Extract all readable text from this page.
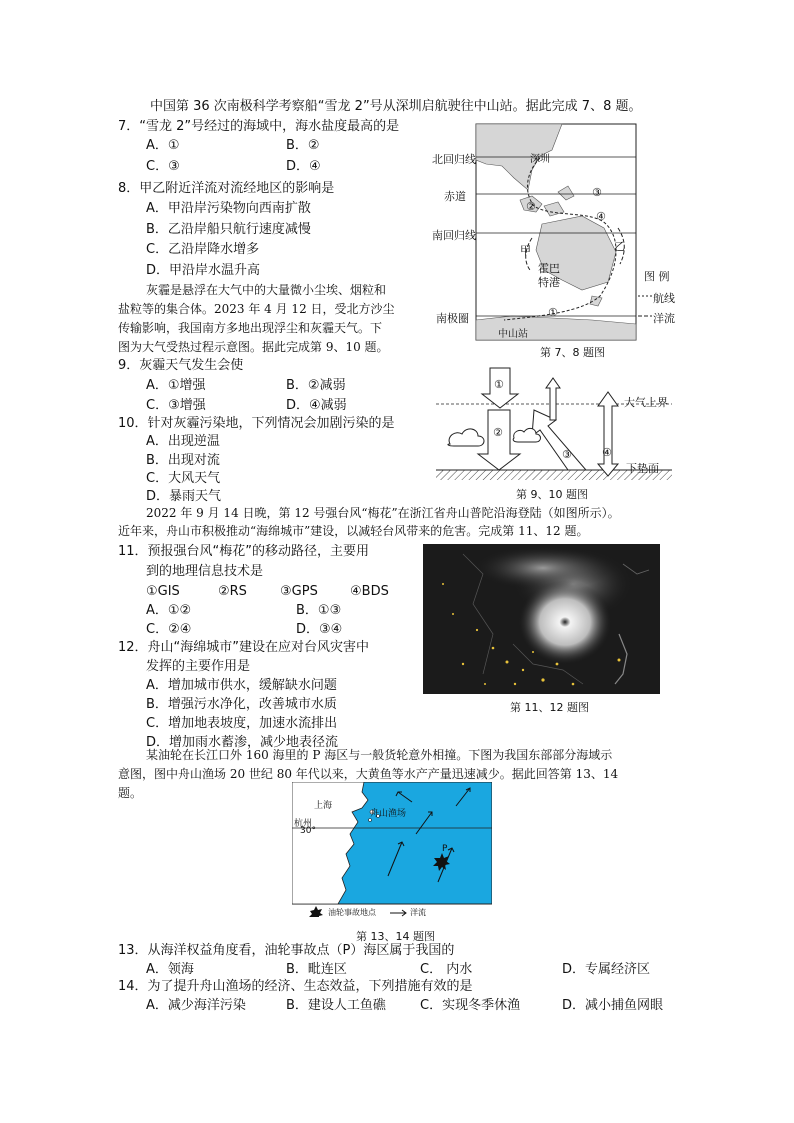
中国第 36 次南极科学考察船“雪龙 2”号从深圳启航驶往中山站。据此完成 7、8 题。
7．“雪龙 2”号经过的海域中，海水盐度最高的是
A．①	B．②
C．③	D．④
8．甲乙附近洋流对流经地区的影响是
A．甲沿岸污染物向西南扩散
B．乙沿岸船只航行速度减慢
C．乙沿岸降水增多
D．甲沿岸水温升高
北回归线
赤道
南回归线
南极圈
深圳
中山站
霍巴
特港
甲	乙
①
②
③
④
图 例
航线
洋流
第 7、8 题图
灰霾是悬浮在大气中的大量微小尘埃、烟粒和
盐粒等的集合体。2023 年 4 月 12 日，受北方沙尘
传输影响，我国南方多地出现浮尘和灰霾天气。下
图为大气受热过程示意图。据此完成第 9、10 题。
9．灰霾天气发生会使
A．①增强	B．②减弱
C．③增强	D．④减弱
10．针对灰霾污染地，下列情况会加剧污染的是
A．出现逆温
B．出现对流
C．大风天气
D．暴雨天气
①
②
③	④
大气上界
下垫面
第 9、10 题图
2022 年 9 月 14 日晚，第 12 号强台风“梅花”在浙江省舟山普陀沿海登陆（如图所示）。
近年来，舟山市积极推动“海绵城市”建设，以减轻台风带来的危害。完成第 11、12 题。
11．预报强台风“梅花”的移动路径，主要用
到的地理信息技术是
①GIS	②RS	③GPS ④BDS
A．①②	B．①③
C．②④	D．③④
12．舟山“海绵城市”建设在应对台风灾害中
发挥的主要作用是
A．增加城市供水，缓解缺水问题
B．增强污水净化，改善城市水质
C．增加地表坡度，加速水流排出
D．增加雨水蓄渗，减少地表径流
第 11、12 题图
某油轮在长江口外 160 海里的 P 海区与一般货轮意外相撞。下图为我国东部部分海域示
意图，图中舟山渔场 20 世纪 80 年代以来，大黄鱼等水产产量迅速减少。据此回答第 13、14
题。
上海
杭州
30°
舟山渔场
P
油轮事故地点	洋流
第 13、14 题图
13．从海洋权益角度看，油轮事故点（P）海区属于我国的
A．领海	B．毗连区	C． 内水	D．专属经济区
14．为了提升舟山渔场的经济、生态效益，下列措施有效的是
A．减少海洋污染	B．建设人工鱼礁	C．实现冬季休渔	D．减小捕鱼网眼
